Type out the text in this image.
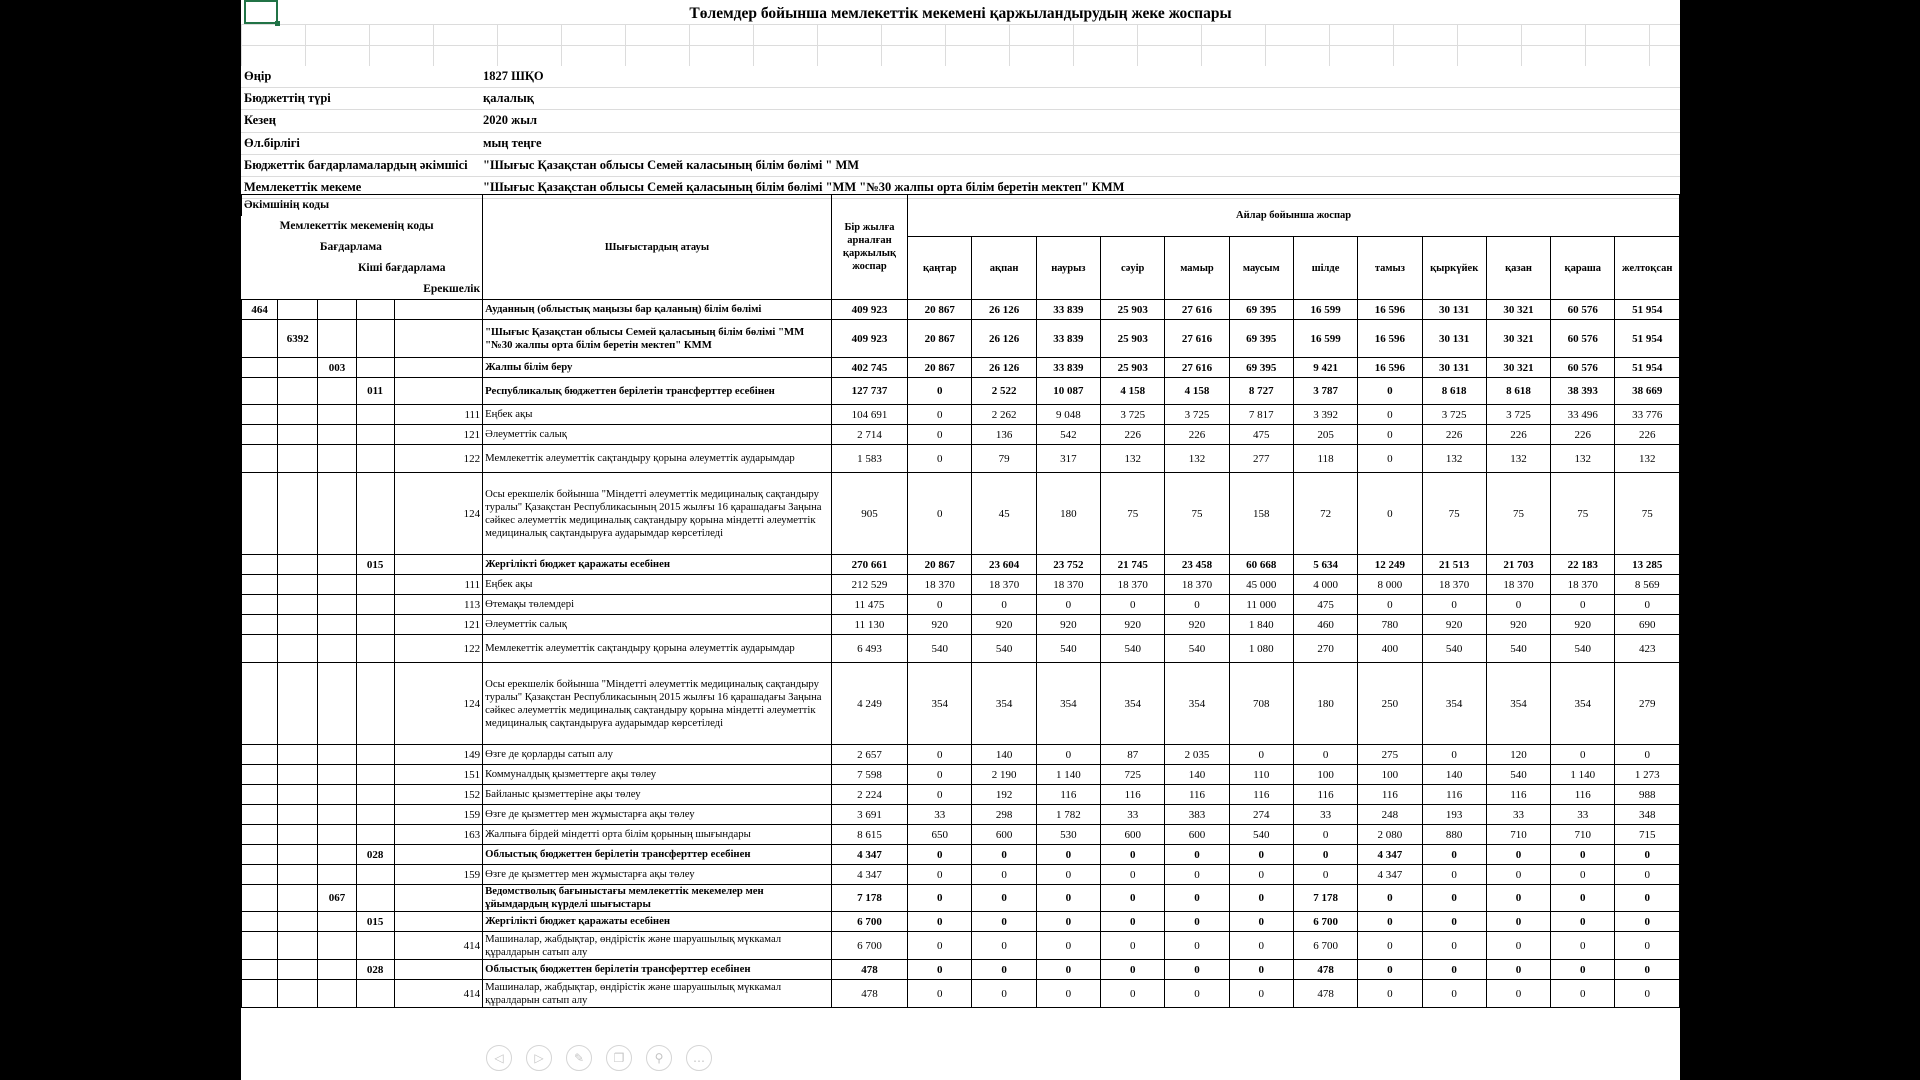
Төлемдер бойынша мемлекеттік мекемені қаржыландырудың жеке жоспары
Өңір	1827 ШҚО
Бюджеттің түрі	қалалық
Кезең	2020 жыл
Өл.бірлігі	мың теңге
Бюджеттік бағдарламалардың әкімшісі "Шығыс Қазақстан облысы Семей каласының білім бөлімі " ММ
Мемлекеттік мекеме	"Шығыс Қазақстан облысы Семей қаласының білім бөлімі "ММ "№30 жалпы орта білім беретін мектеп" КММ
Әкімшінің коды					Шығыстардың атауы	Бір жылға арналған қаржылық жоспар	Айлар бойынша жоспар											
	Мемлекеттік мекеменің коды																	
		Бағдарлама					қаңтар	ақпан	наурыз	сәуір	мамыр	маусым	шілде	тамыз	қыркүйек	қазан	қараша	желтоқсан
			Кіші бағдарлама															
				Ерекшелік														
464					Ауданның (облыстық маңызы бар қаланың) білім бөлімі	409 923	20 867	26 126	33 839	25 903	27 616	69 395	16 599	16 596	30 131	30 321	60 576	51 954
	6392				"Шығыс Қазақстан облысы Семей қаласының білім бөлімі "ММ "№30 жалпы орта білім беретін мектеп" КММ	409 923	20 867	26 126	33 839	25 903	27 616	69 395	16 599	16 596	30 131	30 321	60 576	51 954
		003			Жалпы білім беру	402 745	20 867	26 126	33 839	25 903	27 616	69 395	9 421	16 596	30 131	30 321	60 576	51 954
			011		Республикалық бюджеттен берілетін трансферттер есебінен	127 737	0	2 522	10 087	4 158	4 158	8 727	3 787	0	8 618	8 618	38 393	38 669
				111	Еңбек ақы	104 691	0	2 262	9 048	3 725	3 725	7 817	3 392	0	3 725	3 725	33 496	33 776
				121	Әлеуметтік салық	2 714	0	136	542	226	226	475	205	0	226	226	226	226
				122	Мемлекеттік әлеуметтік сақтандыру қорына әлеуметтік аударымдар	1 583	0	79	317	132	132	277	118	0	132	132	132	132
				124	Осы ерекшелік бойынша "Міндетті әлеуметтік медициналық сақтандыру туралы" Қазақстан Республикасының 2015 жылғы 16 қарашадағы Заңына сәйкес әлеуметтік медициналық сақтандыру қорына міндетті әлеуметтік медициналық сақтандыруға аударымдар көрсетіледі	905	0	45	180	75	75	158	72	0	75	75	75	75
			015		Жергілікті бюджет қаражаты есебінен	270 661	20 867	23 604	23 752	21 745	23 458	60 668	5 634	12 249	21 513	21 703	22 183	13 285
				111	Еңбек ақы	212 529	18 370	18 370	18 370	18 370	18 370	45 000	4 000	8 000	18 370	18 370	18 370	8 569
				113	Өтемақы төлемдері	11 475	0	0	0	0	0	11 000	475	0	0	0	0	0
				121	Әлеуметтік салық	11 130	920	920	920	920	920	1 840	460	780	920	920	920	690
				122	Мемлекеттік әлеуметтік сақтандыру қорына әлеуметтік аударымдар	6 493	540	540	540	540	540	1 080	270	400	540	540	540	423
				124	Осы ерекшелік бойынша "Міндетті әлеуметтік медициналық сақтандыру туралы" Қазақстан Республикасының 2015 жылғы 16 қарашадағы Заңына сәйкес әлеуметтік медициналық сақтандыру қорына міндетті әлеуметтік медициналық сақтандыруға аударымдар көрсетіледі	4 249	354	354	354	354	354	708	180	250	354	354	354	279
				149	Өзге де қорларды сатып алу	2 657	0	140	0	87	2 035	0	0	275	0	120	0	0
				151	Коммуналдық қызметтерге ақы төлеу	7 598	0	2 190	1 140	725	140	110	100	100	140	540	1 140	1 273
				152	Байланыс қызметтеріне ақы төлеу	2 224	0	192	116	116	116	116	116	116	116	116	116	988
				159	Өзге де қызметтер мен жұмыстарға ақы төлеу	3 691	33	298	1 782	33	383	274	33	248	193	33	33	348
				163	Жалпыға бірдей міндетті орта білім қорының шығындары	8 615	650	600	530	600	600	540	0	2 080	880	710	710	715
			028		Облыстық бюджеттен берілетін трансферттер есебінен	4 347	0	0	0	0	0	0	0	4 347	0	0	0	0
				159	Өзге де қызметтер мен жұмыстарға ақы төлеу	4 347	0	0	0	0	0	0	0	4 347	0	0	0	0
		067			Ведомстволық бағыныстағы мемлекеттік мекемелер мен ұйымдардың күрделі шығыстары	7 178	0	0	0	0	0	0	7 178	0	0	0	0	0
			015		Жергілікті бюджет қаражаты есебінен	6 700	0	0	0	0	0	0	6 700	0	0	0	0	0
				414	Машиналар, жабдықтар, өндірістік және шаруашылық мүккамал құралдарын сатып алу	6 700	0	0	0	0	0	0	6 700	0	0	0	0	0
			028		Облыстық бюджеттен берілетін трансферттер есебінен	478	0	0	0	0	0	0	478	0	0	0	0	0
				414	Машиналар, жабдықтар, өндірістік және шаруашылық мүккамал құралдарын сатып алу	478	0	0	0	0	0	0	478	0	0	0	0	0
◁	▷	✎	❐	⚲	…
